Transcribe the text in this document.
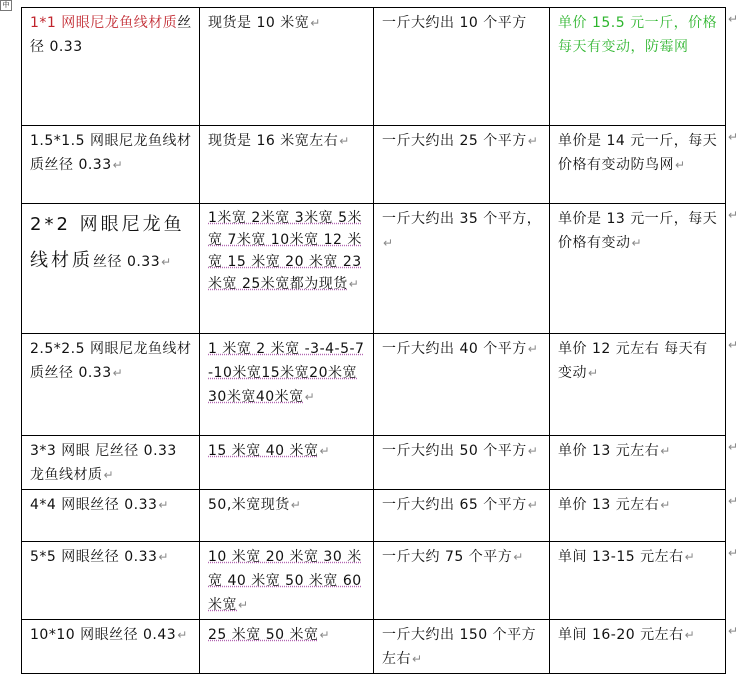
中
1*1 网眼尼龙鱼线材质丝径 0.33	现货是 10 米宽↵	一斤大约出 10 个平方	单价 15.5 元一斤，价格每天有变动，防霉网
1.5*1.5 网眼尼龙鱼线材质丝径 0.33↵	现货是 16 米宽左右↵	一斤大约出 25 个平方↵	单价是 14 元一斤，每天价格有变动防鸟网↵
2*2 网眼尼龙鱼线材质丝径 0.33↵	1米宽 2米宽 3米宽 5米宽 7米宽 10米宽 12 米宽 15 米宽 20 米宽 23 米宽 25米宽都为现货↵	一斤大约出 35 个平方，↵	单价是 13 元一斤，每天价格有变动↵
2.5*2.5 网眼尼龙鱼线材质丝径 0.33↵	1 米宽 2 米宽 -3-4-5-7-10米宽15米宽20米宽 30米宽40米宽↵	一斤大约出 40 个平方↵	单价 12 元左右 每天有变动↵
3*3 网眼 尼丝径 0.33 龙鱼线材质↵	15 米宽 40 米宽↵	一斤大约出 50 个平方↵	单价 13 元左右↵
4*4 网眼丝径 0.33↵	50,米宽现货↵	一斤大约出 65 个平方↵	单价 13 元左右↵
5*5 网眼丝径 0.33↵	10 米宽 20 米宽 30 米宽 40 米宽 50 米宽 60 米宽↵	一斤大约 75 个平方↵	单间 13-15 元左右↵
10*10 网眼丝径 0.43↵	25 米宽 50 米宽↵	一斤大约出 150 个平方左右↵	单间 16-20 元左右↵
↵
↵
↵
↵
↵
↵
↵
↵
